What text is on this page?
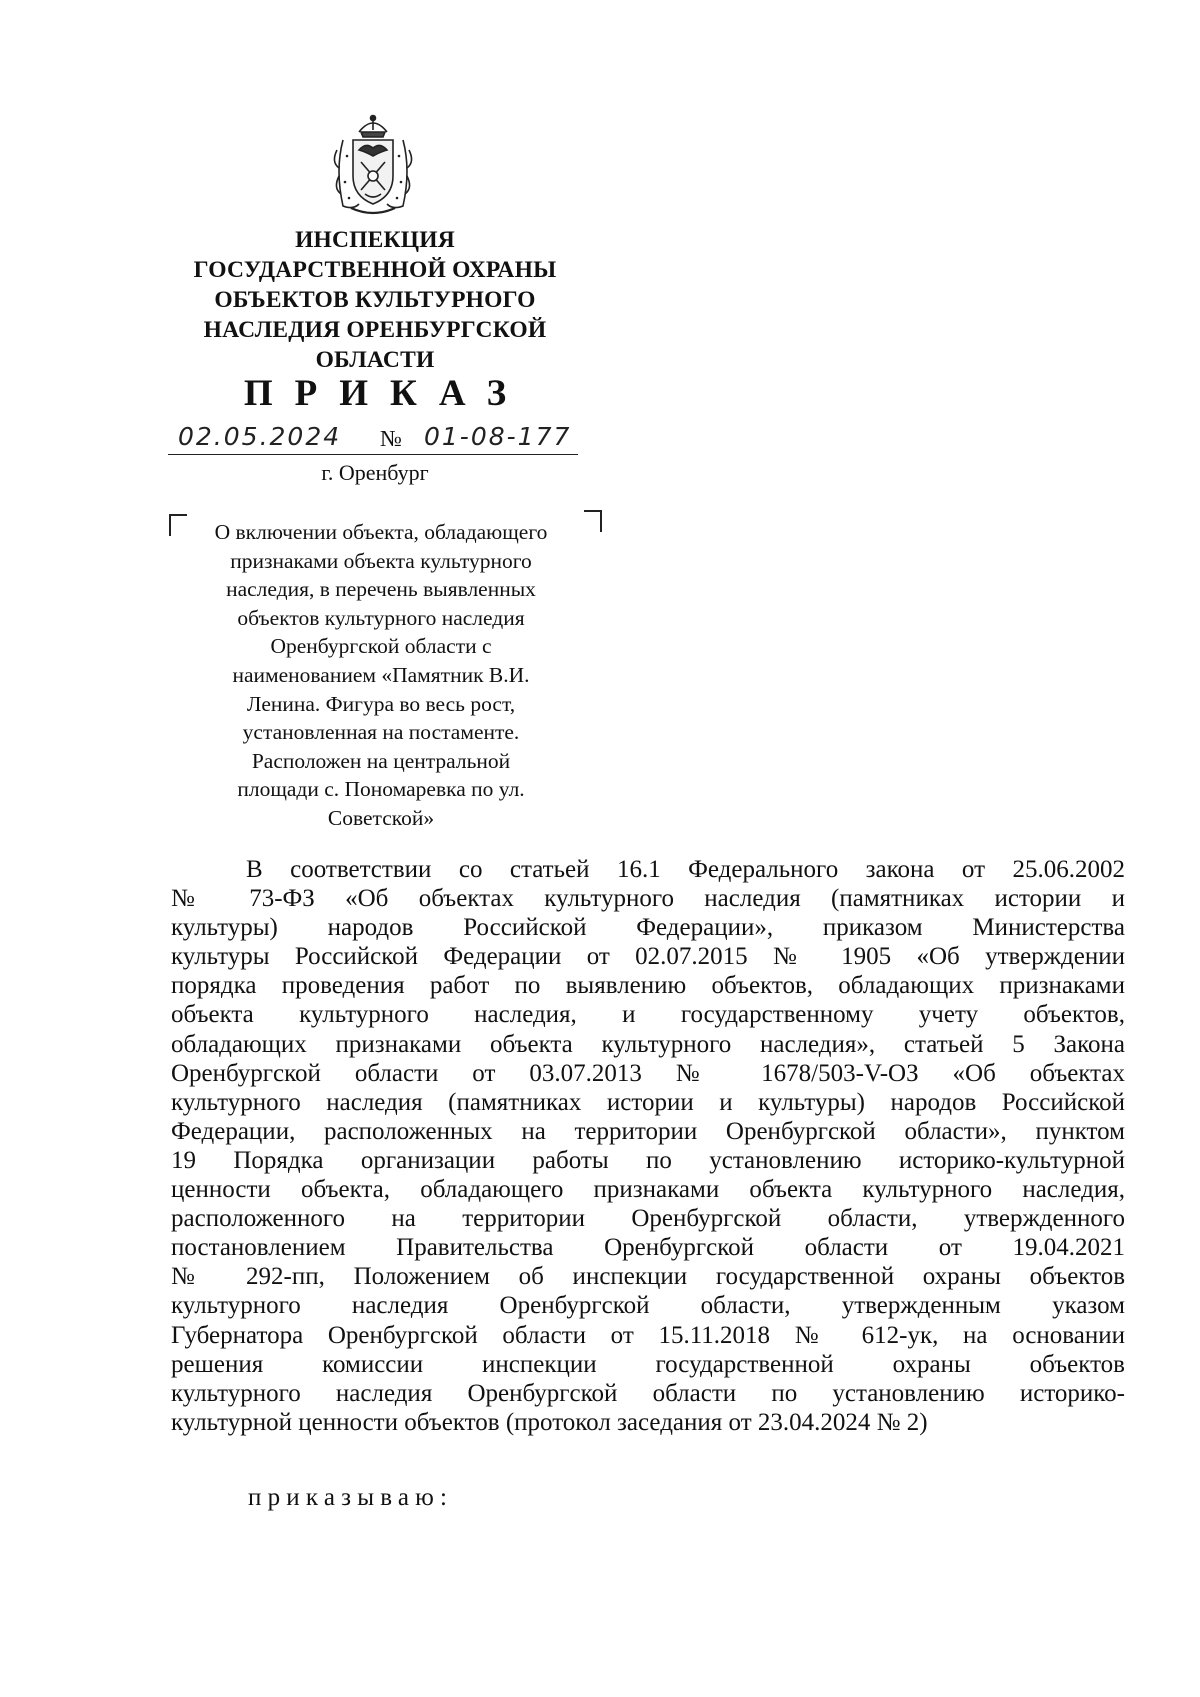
ИНСПЕКЦИЯ
ГОСУДАРСТВЕННОЙ ОХРАНЫ
ОБЪЕКТОВ КУЛЬТУРНОГО
НАСЛЕДИЯ ОРЕНБУРГСКОЙ
ОБЛАСТИ
ПРИКАЗ
02.05.2024	№ 01-08-177
г. Оренбург
О включении объекта, обладающего
признаками объекта культурного
наследия, в перечень выявленных
объектов культурного наследия
Оренбургской области с
наименованием «Памятник В.И.
Ленина. Фигура во весь рост,
установленная на постаменте.
Расположен на центральной
площади с. Пономаревка по ул.
Советской»
В соответствии со статьей 16.1 Федерального закона от 25.06.2002
№ 73-ФЗ «Об объектах культурного наследия (памятниках истории и
культуры) народов Российской Федерации», приказом Министерства
культуры Российской Федерации от 02.07.2015 № 1905 «Об утверждении
порядка проведения работ по выявлению объектов, обладающих признаками
объекта культурного наследия, и государственному учету объектов,
обладающих признаками объекта культурного наследия», статьей 5 Закона
Оренбургской области от 03.07.2013 № 1678/503-V-ОЗ «Об объектах
культурного наследия (памятниках истории и культуры) народов Российской
Федерации, расположенных на территории Оренбургской области», пунктом
19 Порядка организации работы по установлению историко-культурной
ценности объекта, обладающего признаками объекта культурного наследия,
расположенного на территории Оренбургской области, утвержденного
постановлением Правительства Оренбургской области от 19.04.2021
№ 292-пп, Положением об инспекции государственной охраны объектов
культурного наследия Оренбургской области, утвержденным указом
Губернатора Оренбургской области от 15.11.2018 № 612-ук, на основании
решения комиссии инспекции государственной охраны объектов
культурного наследия Оренбургской области по установлению историко-
культурной ценности объектов (протокол заседания от 23.04.2024 № 2)
приказываю:
